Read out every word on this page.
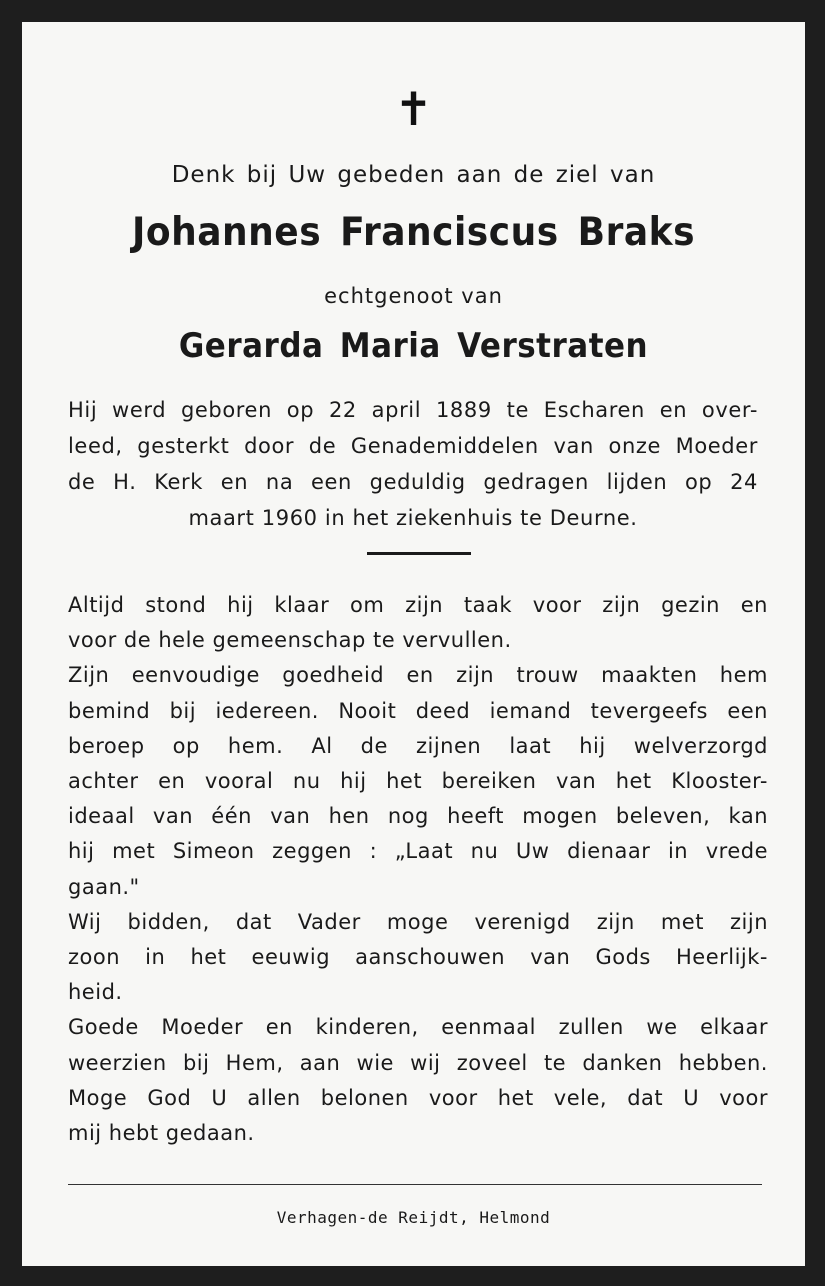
✝
Denk bij Uw gebeden aan de ziel van
Johannes Franciscus Braks
echtgenoot van
Gerarda Maria Verstraten
Hij werd geboren op 22 april 1889 te Escharen en over-
leed, gesterkt door de Genademiddelen van onze Moeder
de H. Kerk en na een geduldig gedragen lijden op 24
maart 1960 in het ziekenhuis te Deurne.
Altijd stond hij klaar om zijn taak voor zijn gezin en
voor de hele gemeenschap te vervullen.
Zijn eenvoudige goedheid en zijn trouw maakten hem
bemind bij iedereen. Nooit deed iemand tevergeefs een
beroep op hem. Al de zijnen laat hij welverzorgd
achter en vooral nu hij het bereiken van het Klooster-
ideaal van één van hen nog heeft mogen beleven, kan
hij met Simeon zeggen : „Laat nu Uw dienaar in vrede
gaan."
Wij bidden, dat Vader moge verenigd zijn met zijn
zoon in het eeuwig aanschouwen van Gods Heerlijk-
heid.
Goede Moeder en kinderen, eenmaal zullen we elkaar
weerzien bij Hem, aan wie wij zoveel te danken hebben.
Moge God U allen belonen voor het vele, dat U voor
mij hebt gedaan.
Verhagen-de Reijdt, Helmond
